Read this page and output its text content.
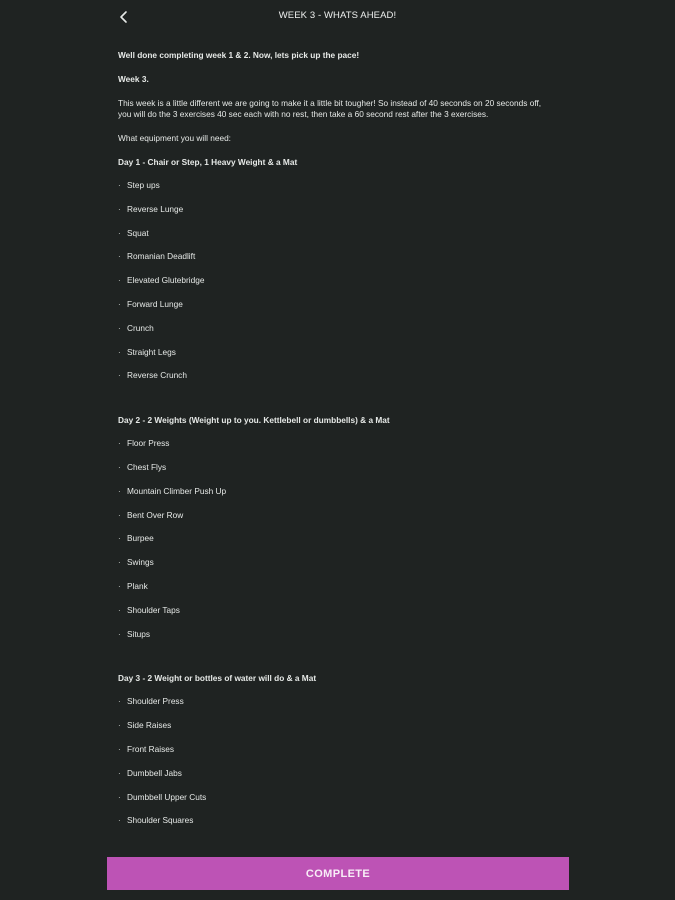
WEEK 3 - WHATS AHEAD!

Well done completing week 1 & 2. Now, lets pick up the pace!

Week 3.

This week is a little different we are going to make it a little bit tougher! So instead of 40 seconds on 20 seconds off, you will do the 3 exercises 40 sec each with no rest, then take a 60 second rest after the 3 exercises.

What equipment you will need:

Day 1 - Chair or Step, 1 Heavy Weight & a Mat

· Step ups
· Reverse Lunge
· Squat
· Romanian Deadlift
· Elevated Glutebridge
· Forward Lunge
· Crunch
· Straight Legs
· Reverse Crunch

Day 2 - 2 Weights (Weight up to you. Kettlebell or dumbbells) & a Mat

· Floor Press
· Chest Flys
· Mountain Climber Push Up
· Bent Over Row
· Burpee
· Swings
· Plank
· Shoulder Taps
· Situps

Day 3 - 2 Weight or bottles of water will do & a Mat

· Shoulder Press
· Side Raises
· Front Raises
· Dumbbell Jabs
· Dumbbell Upper Cuts
· Shoulder Squares
COMPLETE
